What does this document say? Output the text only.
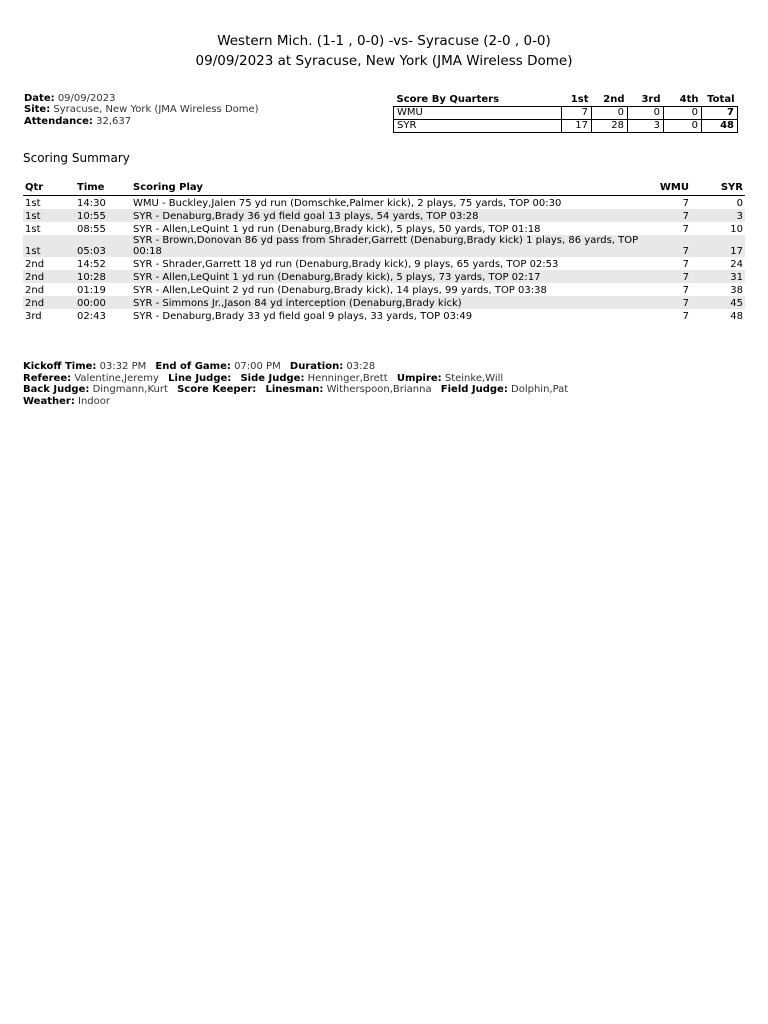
Western Mich. (1-1 , 0-0) -vs- Syracuse (2-0 , 0-0)
09/09/2023 at Syracuse, New York (JMA Wireless Dome)
Date: 09/09/2023
Site: Syracuse, New York (JMA Wireless Dome)
Attendance: 32,637
Score By Quarters	1st	2nd	3rd	4th	Total
WMU	7	0	0	0	7
SYR	17	28	3	0	48
Scoring Summary
Qtr	Time	Scoring Play	WMU	SYR
1st	14:30	WMU - Buckley,Jalen 75 yd run (Domschke,Palmer kick), 2 plays, 75 yards, TOP 00:30	7	0
1st	10:55	SYR - Denaburg,Brady 36 yd field goal 13 plays, 54 yards, TOP 03:28	7	3
1st	08:55	SYR - Allen,LeQuint 1 yd run (Denaburg,Brady kick), 5 plays, 50 yards, TOP 01:18	7	10
1st	05:03	SYR - Brown,Donovan 86 yd pass from Shrader,Garrett (Denaburg,Brady kick) 1 plays, 86 yards, TOP 00:18	7	17
2nd	14:52	SYR - Shrader,Garrett 18 yd run (Denaburg,Brady kick), 9 plays, 65 yards, TOP 02:53	7	24
2nd	10:28	SYR - Allen,LeQuint 1 yd run (Denaburg,Brady kick), 5 plays, 73 yards, TOP 02:17	7	31
2nd	01:19	SYR - Allen,LeQuint 2 yd run (Denaburg,Brady kick), 14 plays, 99 yards, TOP 03:38	7	38
2nd	00:00	SYR - Simmons Jr.,Jason 84 yd interception (Denaburg,Brady kick)	7	45
3rd	02:43	SYR - Denaburg,Brady 33 yd field goal 9 plays, 33 yards, TOP 03:49	7	48
Kickoff Time: 03:32 PM End of Game: 07:00 PM Duration: 03:28
Referee: Valentine,Jeremy Line Judge: Side Judge: Henninger,Brett Umpire: Steinke,Will
Back Judge: Dingmann,Kurt Score Keeper: Linesman: Witherspoon,Brianna Field Judge: Dolphin,Pat
Weather: Indoor
